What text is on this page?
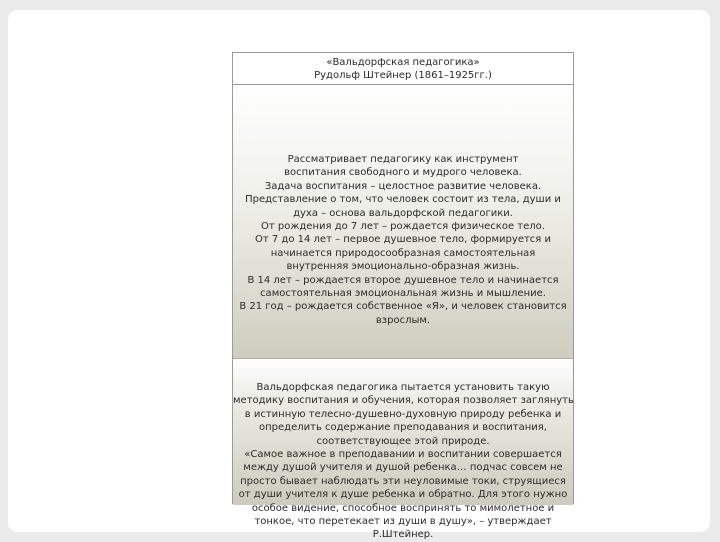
«Вальдорфская педагогика»
Рудольф Штейнер (1861–1925гг.)
Рассматривает педагогику как инструмент
воспитания свободного и мудрого человека.
Задача воспитания – целостное развитие человека.
Представление о том, что человек состоит из тела, души и
духа – основа вальдорфской педагогики.
От рождения до 7 лет – рождается физическое тело.
От 7 до 14 лет – первое душевное тело, формируется и
начинается природосообразная самостоятельная
внутренняя эмоционально-образная жизнь.
В 14 лет – рождается второе душевное тело и начинается
самостоятельная эмоциональная жизнь и мышление.
В 21 год – рождается собственное «Я», и человек становится
взрослым.
Вальдорфская педагогика пытается установить такую
методику воспитания и обучения, которая позволяет заглянуть
в истинную телесно-душевно-духовную природу ребенка и
определить содержание преподавания и воспитания,
соответствующее этой природе.
«Самое важное в преподавании и воспитании совершается
между душой учителя и душой ребенка… подчас совсем не
просто бывает наблюдать эти неуловимые токи, струящиеся
от души учителя к душе ребенка и обратно. Для этого нужно
особое видение, способное воспринять то мимолетное и
тонкое, что перетекает из души в душу», – утверждает
Р.Штейнер.
